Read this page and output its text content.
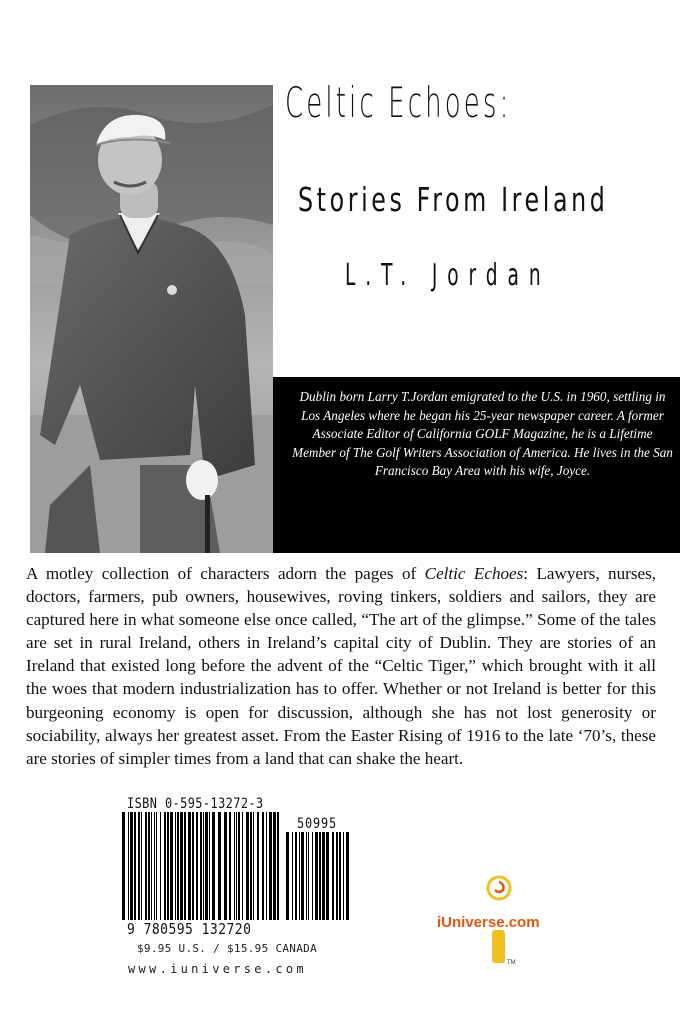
Celtic Echoes:
Stories From Ireland
L.T. Jordan
Dublin born Larry T.Jordan emigrated to the U.S. in 1960, settling in Los Angeles where he began his 25-year newspaper career. A former Associate Editor of California GOLF Magazine, he is a Lifetime Member of The Golf Writers Association of America. He lives in the San Francisco Bay Area with his wife, Joyce.
A motley collection of characters adorn the pages of Celtic Echoes: Lawyers, nurses, doctors, farmers, pub owners, housewives, roving tinkers, soldiers and sailors, they are captured here in what someone else once called, “The art of the glimpse.” Some of the tales are set in rural Ireland, others in Ireland’s capital city of Dublin. They are stories of an Ireland that existed long before the advent of the “Celtic Tiger,” which brought with it all the woes that modern industrialization has to offer. Whether or not Ireland is better for this burgeoning economy is open for discussion, although she has not lost generosity or sociability, always her greatest asset. From the Easter Rising of 1916 to the late ‘70’s, these are stories of simpler times from a land that can shake the heart.
ISBN 0-595-13272-3
50995
9 780595 132720
$9.95 U.S. / $15.95 CANADA
www.iuniverse.com	TM
iUniverse.com
